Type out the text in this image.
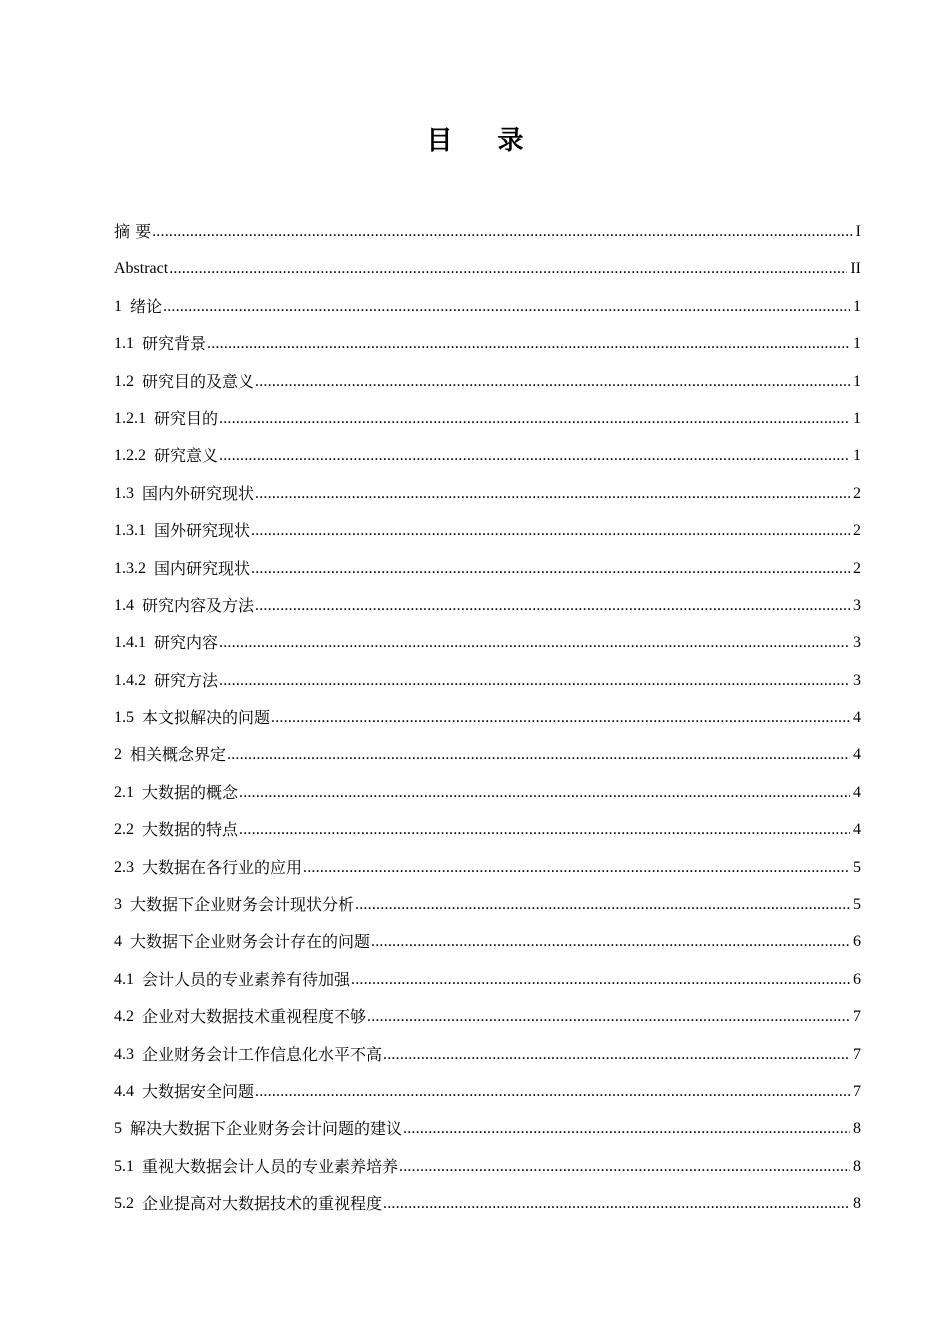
目 录
摘 要 .....	I
Abstract .....	II
1 绪论 .....	1
1.1 研究背景 .....	1
1.2 研究目的及意义 .....	1
1.2.1 研究目的 .....	1
1.2.2 研究意义 .....	1
1.3 国内外研究现状 .....	2
1.3.1 国外研究现状 .....	2
1.3.2 国内研究现状 .....	2
1.4 研究内容及方法 .....	3
1.4.1 研究内容 .....	3
1.4.2 研究方法 .....	3
1.5 本文拟解决的问题 .....	4
2 相关概念界定 .....	4
2.1 大数据的概念 .....	4
2.2 大数据的特点 .....	4
2.3 大数据在各行业的应用 .....	5
3 大数据下企业财务会计现状分析 .....	5
4 大数据下企业财务会计存在的问题 .....	6
4.1 会计人员的专业素养有待加强 .....	6
4.2 企业对大数据技术重视程度不够 .....	7
4.3 企业财务会计工作信息化水平不高 .....	7
4.4 大数据安全问题 .....	7
5 解决大数据下企业财务会计问题的建议 .....	8
5.1 重视大数据会计人员的专业素养培养 .....	8
5.2 企业提高对大数据技术的重视程度 .....	8
